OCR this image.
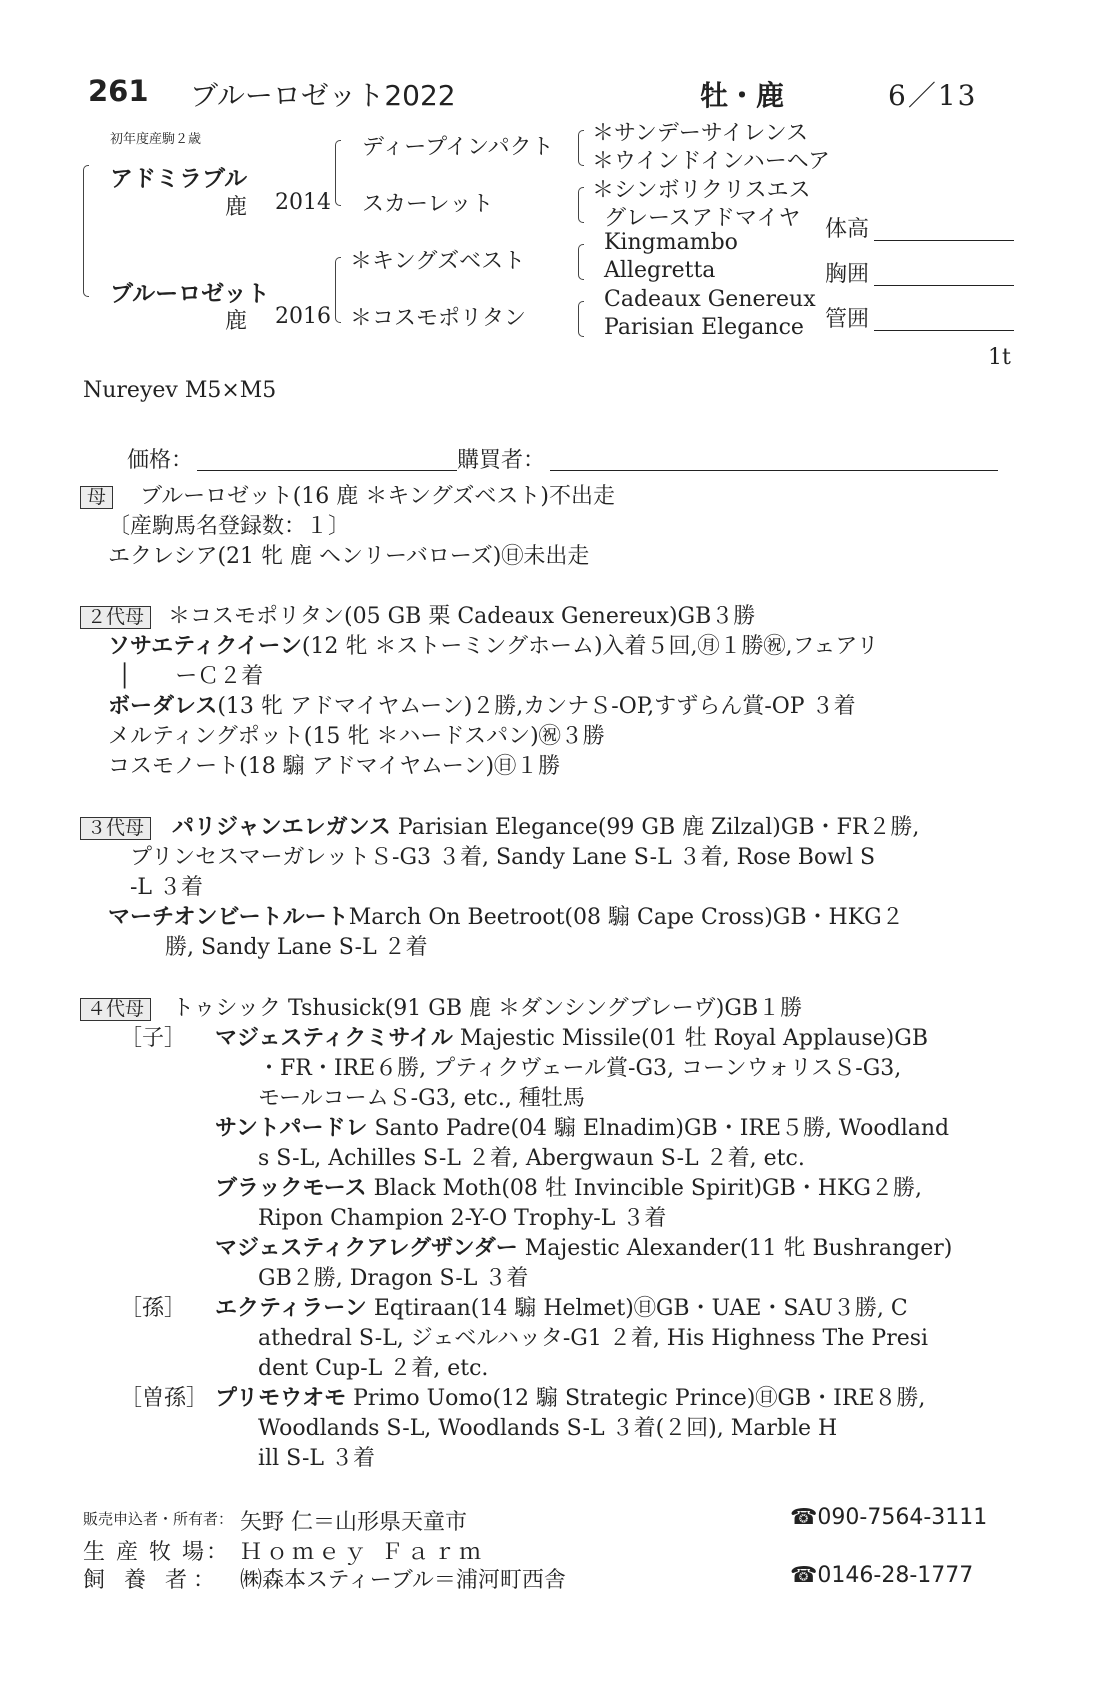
261 ブルーロゼット2022	牡・鹿	6／13
初年度産駒２歳
アドミラブル
鹿 2014
ブルーロゼット
鹿 2016
ディープインパクト
スカーレット
＊キングズベスト
＊コスモポリタン
＊サンデーサイレンス
＊ウインドインハーヘア
＊シンボリクリスエス
グレースアドマイヤ
Kingmambo
Allegretta
Cadeaux Genereux
Parisian Elegance
体高
胸囲
管囲
1t
Nureyev M5×M5
価格：	購買者：
母 ブルーロゼット(16 鹿 ＊キングズベスト)不出走
〔産駒馬名登録数：１〕
エクレシア(21 牝 鹿 ヘンリーバローズ)㊐未出走
２代母 ＊コスモポリタン(05 GB 栗 Cadeaux Genereux)GB３勝
ソサエティクイーン(12 牝 ＊ストーミングホーム)入着５回,㊊１勝㊗,フェアリ
│　　ーＣ２着
ボーダレス(13 牝 アドマイヤムーン)２勝,カンナＳ-OP,すずらん賞-OP ３着
メルティングポット(15 牝 ＊ハードスパン)㊗３勝
コスモノート(18 騸 アドマイヤムーン)㊐１勝
３代母 パリジャンエレガンス Parisian Elegance(99 GB 鹿 Zilzal)GB・FR２勝,
プリンセスマーガレットＳ-G3 ３着, Sandy Lane S-L ３着, Rose Bowl S
-L ３着
マーチオンビートルートMarch On Beetroot(08 騸 Cape Cross)GB・HKG２
勝, Sandy Lane S-L ２着
４代母 トゥシック Tshusick(91 GB 鹿 ＊ダンシングブレーヴ)GB１勝
［子］ マジェスティクミサイル Majestic Missile(01 牡 Royal Applause)GB
・FR・IRE６勝, プティクヴェール賞-G3, コーンウォリスＳ-G3,
モールコームＳ-G3, etc., 種牡馬
サントパードレ Santo Padre(04 騸 Elnadim)GB・IRE５勝, Woodland
s S-L, Achilles S-L ２着, Abergwaun S-L ２着, etc.
ブラックモース Black Moth(08 牡 Invincible Spirit)GB・HKG２勝,
Ripon Champion 2-Y-O Trophy-L ３着
マジェスティクアレグザンダー Majestic Alexander(11 牝 Bushranger)
GB２勝, Dragon S-L ３着
［孫］ エクティラーン Eqtiraan(14 騸 Helmet)㊐GB・UAE・SAU３勝, C
athedral S-L, ジェベルハッタ-G1 ２着, His Highness The Presi
dent Cup-L ２着, etc.
［曽孫］ プリモウオモ Primo Uomo(12 騸 Strategic Prince)㊐GB・IRE８勝,
Woodlands S-L, Woodlands S-L ３着(２回), Marble H
ill S-L ３着
販売申込者・所有者： 矢野 仁＝山形県天童市	☎090-7564-3111
生 産 牧 場： Ｈｏｍｅｙ Ｆａｒｍ
飼 養 者： ㈱森本スティーブル＝浦河町西舎	☎0146-28-1777
